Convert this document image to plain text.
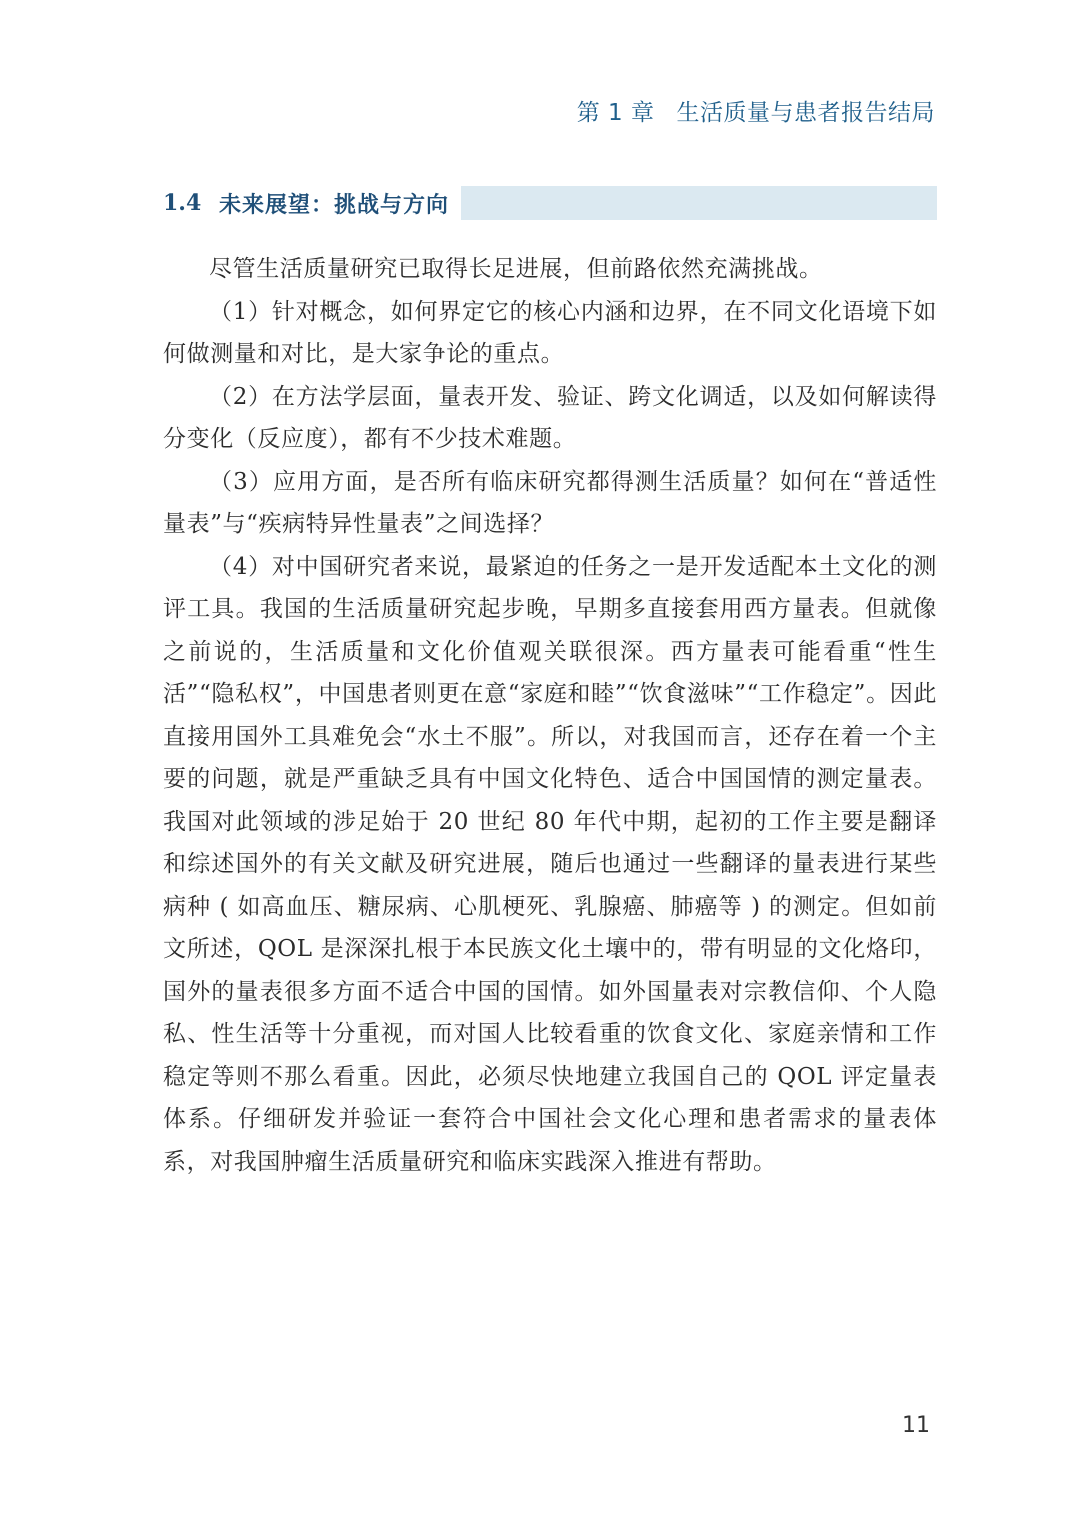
第 1 章 生活质量与患者报告结局
1.4 未来展望：挑战与方向

尽管生活质量研究已取得长足进展，但前路依然充满挑战。

（1）针对概念，如何界定它的核心内涵和边界，在不同文化语境下如何做测量和对比，是大家争论的重点。

（2）在方法学层面，量表开发、验证、跨文化调适，以及如何解读得分变化（反应度），都有不少技术难题。

（3）应用方面，是否所有临床研究都得测生活质量？如何在“普适性量表”与“疾病特异性量表”之间选择？

（4）对中国研究者来说，最紧迫的任务之一是开发适配本土文化的测评工具。我国的生活质量研究起步晚，早期多直接套用西方量表。但就像之前说的，生活质量和文化价值观关联很深。西方量表可能看重“性生活”“隐私权”，中国患者则更在意“家庭和睦”“饮食滋味”“工作稳定”。因此直接用国外工具难免会“水土不服”。所以，对我国而言，还存在着一个主要的问题，就是严重缺乏具有中国文化特色、适合中国国情的测定量表。我国对此领域的涉足始于 20 世纪 80 年代中期，起初的工作主要是翻译和综述国外的有关文献及研究进展，随后也通过一些翻译的量表进行某些病种 ( 如高血压、糖尿病、心肌梗死、乳腺癌、肺癌等 ) 的测定。但如前文所述，QOL 是深深扎根于本民族文化土壤中的，带有明显的文化烙印，国外的量表很多方面不适合中国的国情。如外国量表对宗教信仰、个人隐私、性生活等十分重视，而对国人比较看重的饮食文化、家庭亲情和工作稳定等则不那么看重。因此，必须尽快地建立我国自己的 QOL 评定量表体系。仔细研发并验证一套符合中国社会文化心理和患者需求的量表体系，对我国肿瘤生活质量研究和临床实践深入推进有帮助。

11
